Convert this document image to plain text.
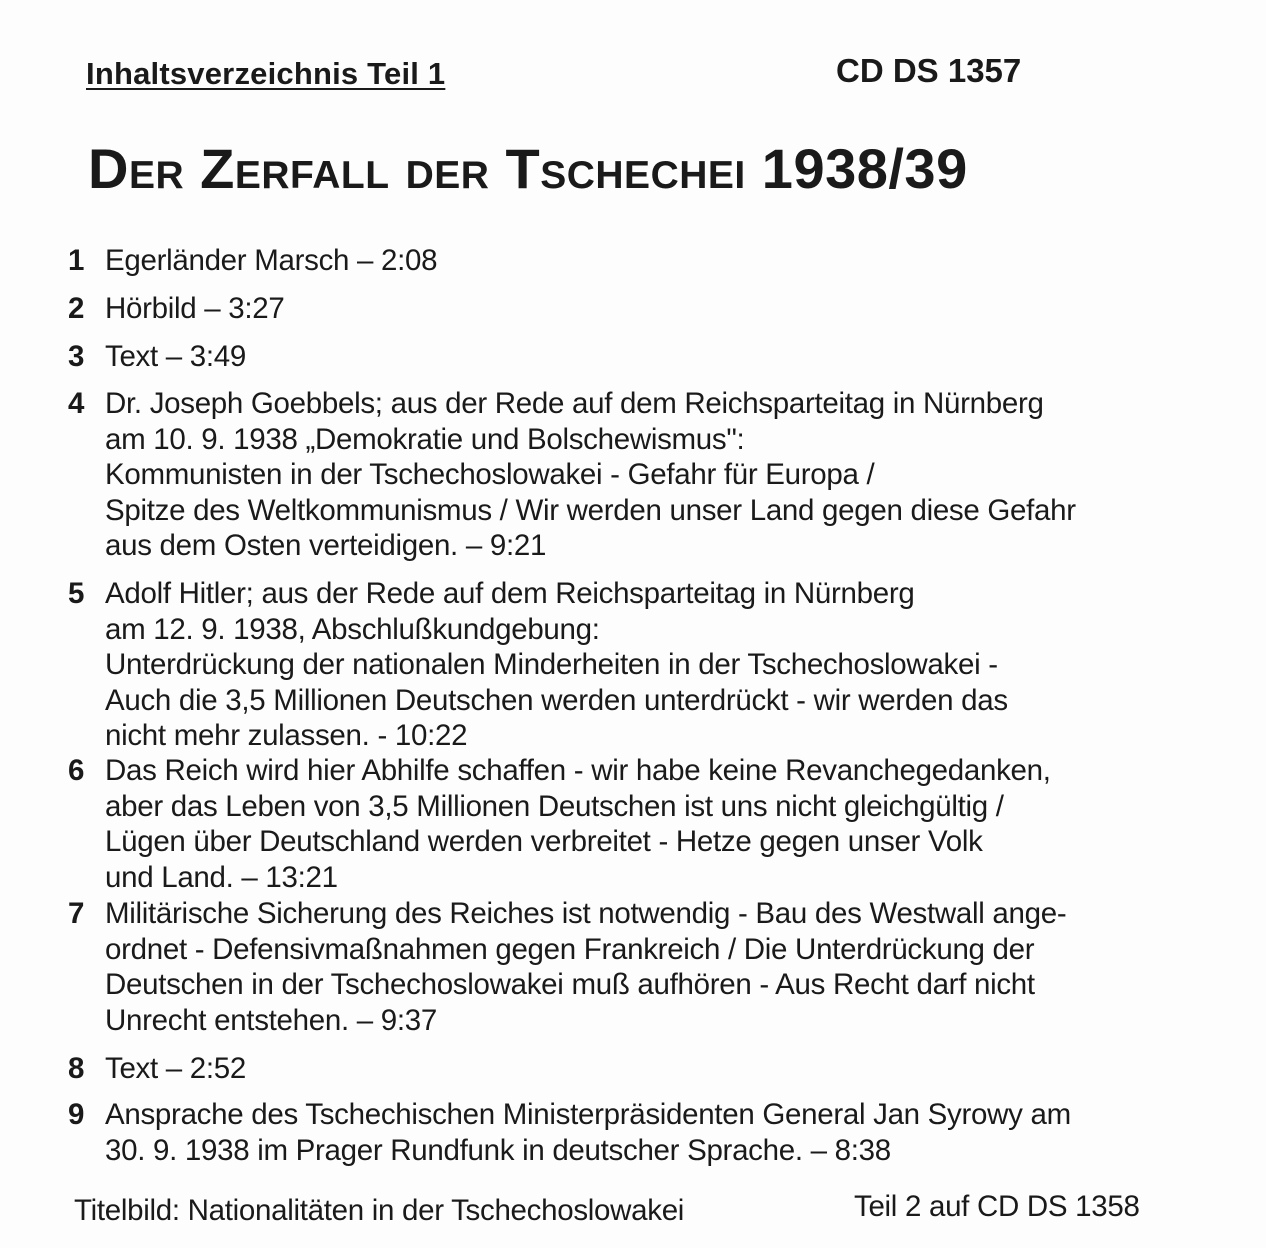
Inhaltsverzeichnis Teil 1	CD DS 1357
Der Zerfall der Tschechei 1938/39
1 Egerländer Marsch – 2:08
2 Hörbild – 3:27
3 Text – 3:49
4 Dr. Joseph Goebbels; aus der Rede auf dem Reichsparteitag in Nürnberg
am 10. 9. 1938 „Demokratie und Bolschewismus":
Kommunisten in der Tschechoslowakei - Gefahr für Europa /
Spitze des Weltkommunismus / Wir werden unser Land gegen diese Gefahr
aus dem Osten verteidigen. – 9:21
5 Adolf Hitler; aus der Rede auf dem Reichsparteitag in Nürnberg
am 12. 9. 1938, Abschlußkundgebung:
Unterdrückung der nationalen Minderheiten in der Tschechoslowakei -
Auch die 3,5 Millionen Deutschen werden unterdrückt - wir werden das
nicht mehr zulassen. - 10:22
6 Das Reich wird hier Abhilfe schaffen - wir habe keine Revanchegedanken,
aber das Leben von 3,5 Millionen Deutschen ist uns nicht gleichgültig /
Lügen über Deutschland werden verbreitet - Hetze gegen unser Volk
und Land. – 13:21
7 Militärische Sicherung des Reiches ist notwendig - Bau des Westwall ange-
ordnet - Defensivmaßnahmen gegen Frankreich / Die Unterdrückung der
Deutschen in der Tschechoslowakei muß aufhören - Aus Recht darf nicht
Unrecht entstehen. – 9:37
8 Text – 2:52
9 Ansprache des Tschechischen Ministerpräsidenten General Jan Syrowy am
30. 9. 1938 im Prager Rundfunk in deutscher Sprache. – 8:38
Titelbild: Nationalitäten in der Tschechoslowakei	Teil 2 auf CD DS 1358
